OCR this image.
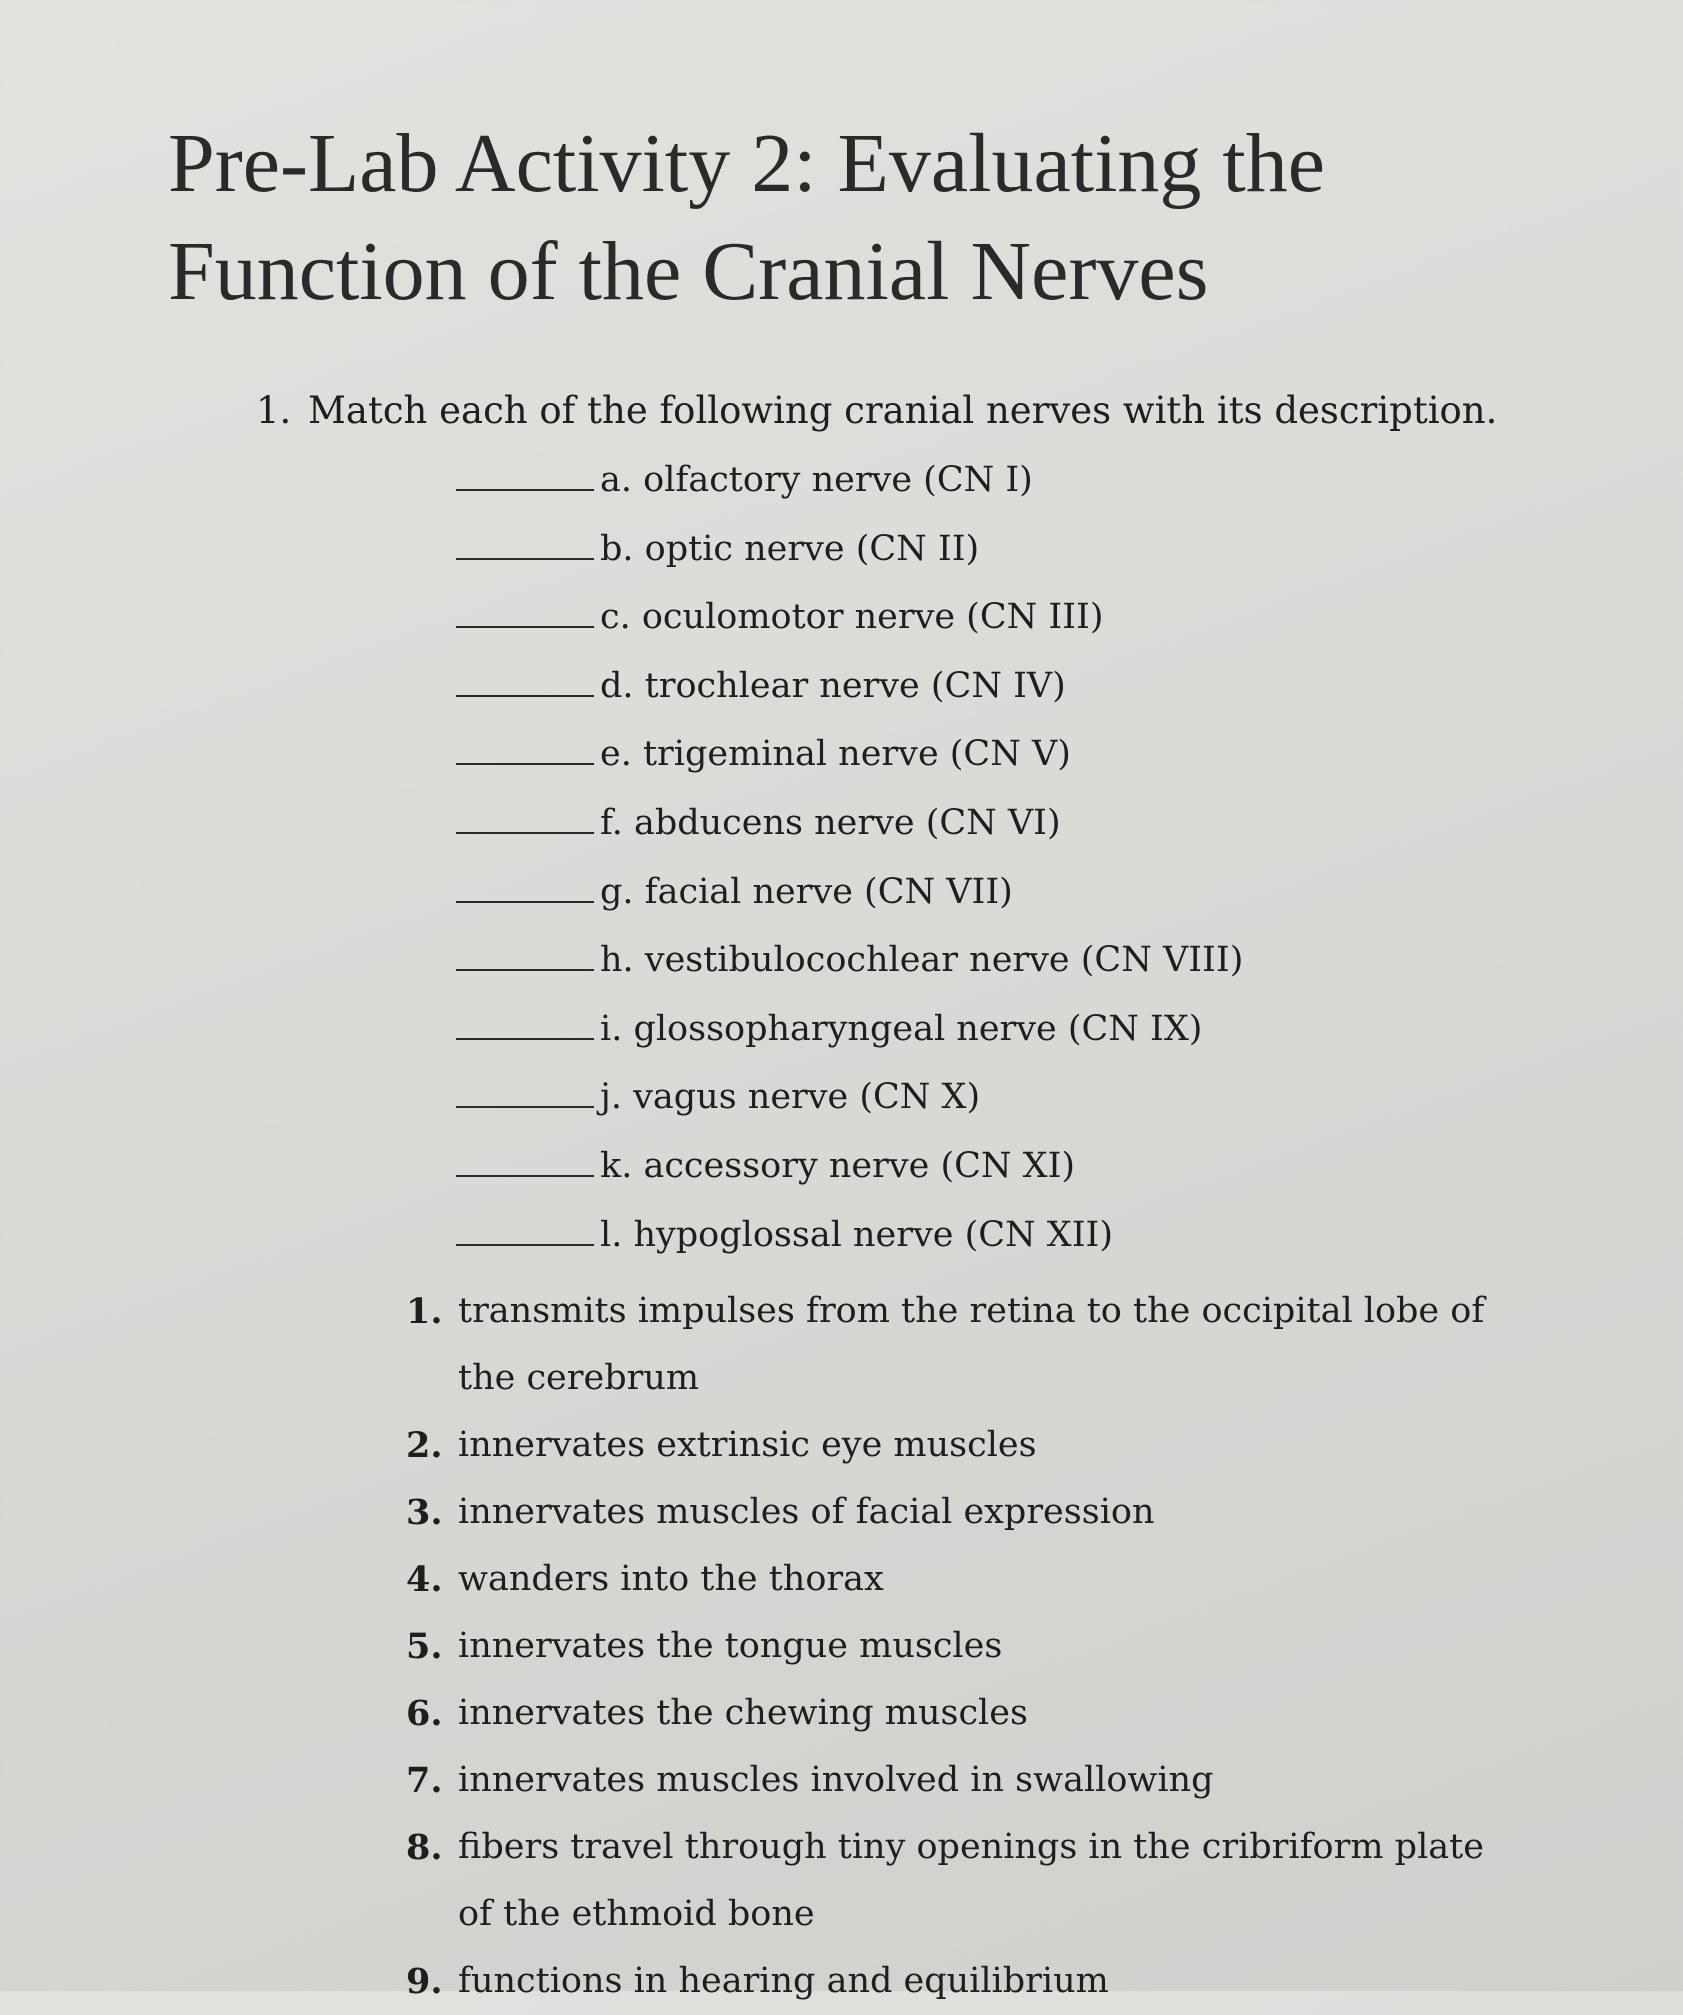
Pre-Lab Activity 2: Evaluating the Function of the Cranial Nerves
1. Match each of the following cranial nerves with its description.
a. olfactory nerve (CN I)
b. optic nerve (CN II)
c. oculomotor nerve (CN III)
d. trochlear nerve (CN IV)
e. trigeminal nerve (CN V)
f. abducens nerve (CN VI)
g. facial nerve (CN VII)
h. vestibulocochlear nerve (CN VIII)
i. glossopharyngeal nerve (CN IX)
j. vagus nerve (CN X)
k. accessory nerve (CN XI)
l. hypoglossal nerve (CN XII)
1. transmits impulses from the retina to the occipital lobe of the cerebrum
2. innervates extrinsic eye muscles
3. innervates muscles of facial expression
4. wanders into the thorax
5. innervates the tongue muscles
6. innervates the chewing muscles
7. innervates muscles involved in swallowing
8. fibers travel through tiny openings in the cribriform plate of the ethmoid bone
9. functions in hearing and equilibrium
